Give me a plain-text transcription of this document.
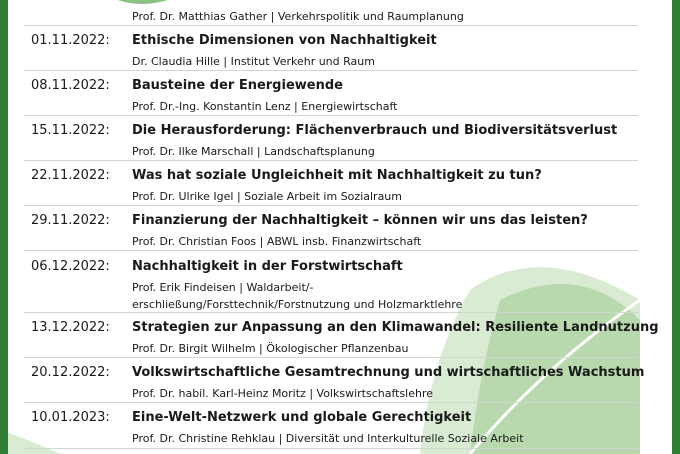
Prof. Dr. Matthias Gather | Verkehrspolitik und Raumplanung
01.11.2022: Ethische Dimensionen von Nachhaltigkeit
Dr. Claudia Hille | Institut Verkehr und Raum
08.11.2022: Bausteine der Energiewende
Prof. Dr.-Ing. Konstantin Lenz | Energiewirtschaft
15.11.2022: Die Herausforderung: Flächenverbrauch und Biodiversitätsverlust
Prof. Dr. Ilke Marschall | Landschaftsplanung
22.11.2022: Was hat soziale Ungleichheit mit Nachhaltigkeit zu tun?
Prof. Dr. Ulrike Igel | Soziale Arbeit im Sozialraum
29.11.2022: Finanzierung der Nachhaltigkeit – können wir uns das leisten?
Prof. Dr. Christian Foos | ABWL insb. Finanzwirtschaft
06.12.2022: Nachhaltigkeit in der Forstwirtschaft
Prof. Erik Findeisen | Waldarbeit/-erschließung/Forsttechnik/Forstnutzung und Holzmarktlehre
13.12.2022: Strategien zur Anpassung an den Klimawandel: Resiliente Landnutzung
Prof. Dr. Birgit Wilhelm | Ökologischer Pflanzenbau
20.12.2022: Volkswirtschaftliche Gesamtrechnung und wirtschaftliches Wachstum
Prof. Dr. habil. Karl-Heinz Moritz | Volkswirtschaftslehre
10.01.2023: Eine-Welt-Netzwerk und globale Gerechtigkeit
Prof. Dr. Christine Rehklau | Diversität und Interkulturelle Soziale Arbeit
